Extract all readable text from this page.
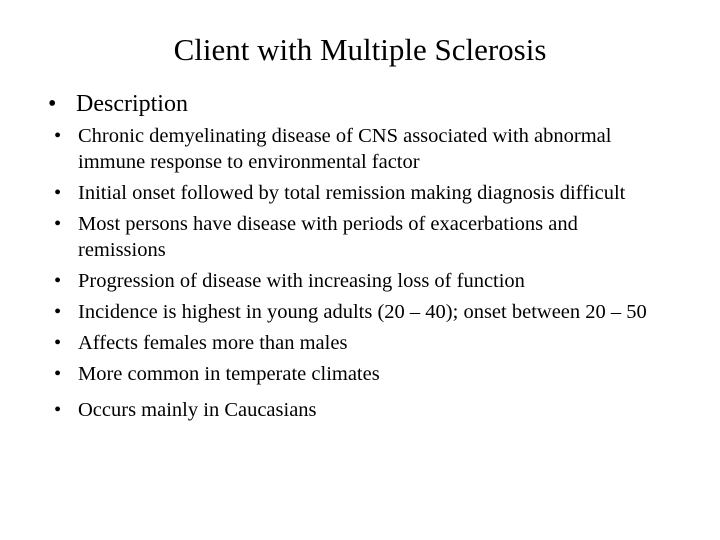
Client with Multiple Sclerosis
• Description
• Chronic demyelinating disease of CNS associated with abnormal immune response to environmental factor
• Initial onset followed by total remission making diagnosis difficult
• Most persons have disease with periods of exacerbations and remissions
• Progression of disease with increasing loss of function
• Incidence is highest in young adults (20 – 40); onset between 20 – 50
• Affects females more than males
• More common in temperate climates
• Occurs mainly in Caucasians
